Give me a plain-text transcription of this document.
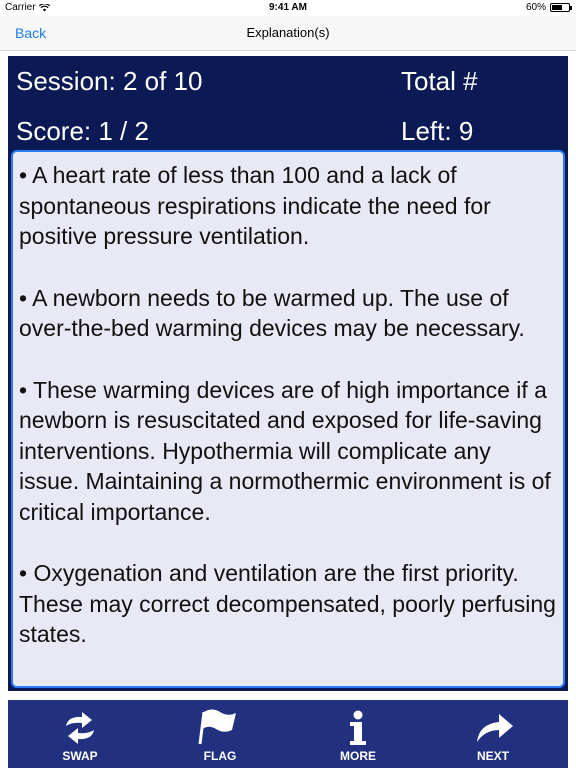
Carrier	9:41 AM	60%
Back	Explanation(s)
Session: 2 of 10	Total #
Score: 1 / 2	Left: 9

• A heart rate of less than 100 and a lack of spontaneous respirations indicate the need for positive pressure ventilation.

• A newborn needs to be warmed up. The use of over-the-bed warming devices may be necessary.

• These warming devices are of high importance if a newborn is resuscitated and exposed for life-saving interventions. Hypothermia will complicate any issue. Maintaining a normothermic environment is of critical importance.

• Oxygenation and ventilation are the first priority. These may correct decompensated, poorly perfusing states.

SWAP	FLAG	MORE	NEXT
